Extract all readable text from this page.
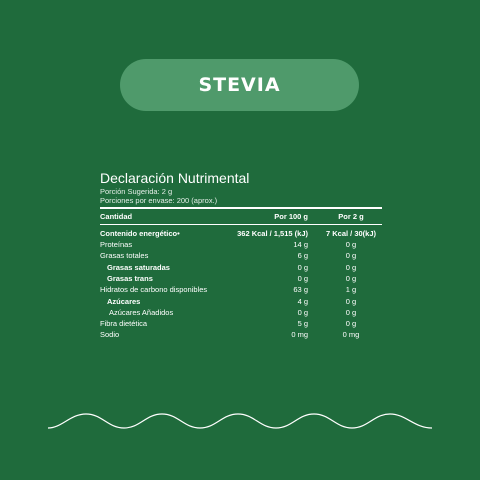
STEVIA
Declaración Nutrimental
Porción Sugerida: 2 g
Porciones por envase: 200 (aprox.)
Cantidad	Por 100 g	Por 2 g
Contenido energético•	362 Kcal / 1,515 (kJ)	7 Kcal / 30(kJ)
Proteínas	14 g	0 g
Grasas totales	6 g	0 g
Grasas saturadas	0 g	0 g
Grasas trans	0 g	0 g
Hidratos de carbono disponibles	63 g	1 g
Azúcares	4 g	0 g
Azúcares Añadidos	0 g	0 g
Fibra dietética	5 g	0 g
Sodio	0 mg	0 mg
